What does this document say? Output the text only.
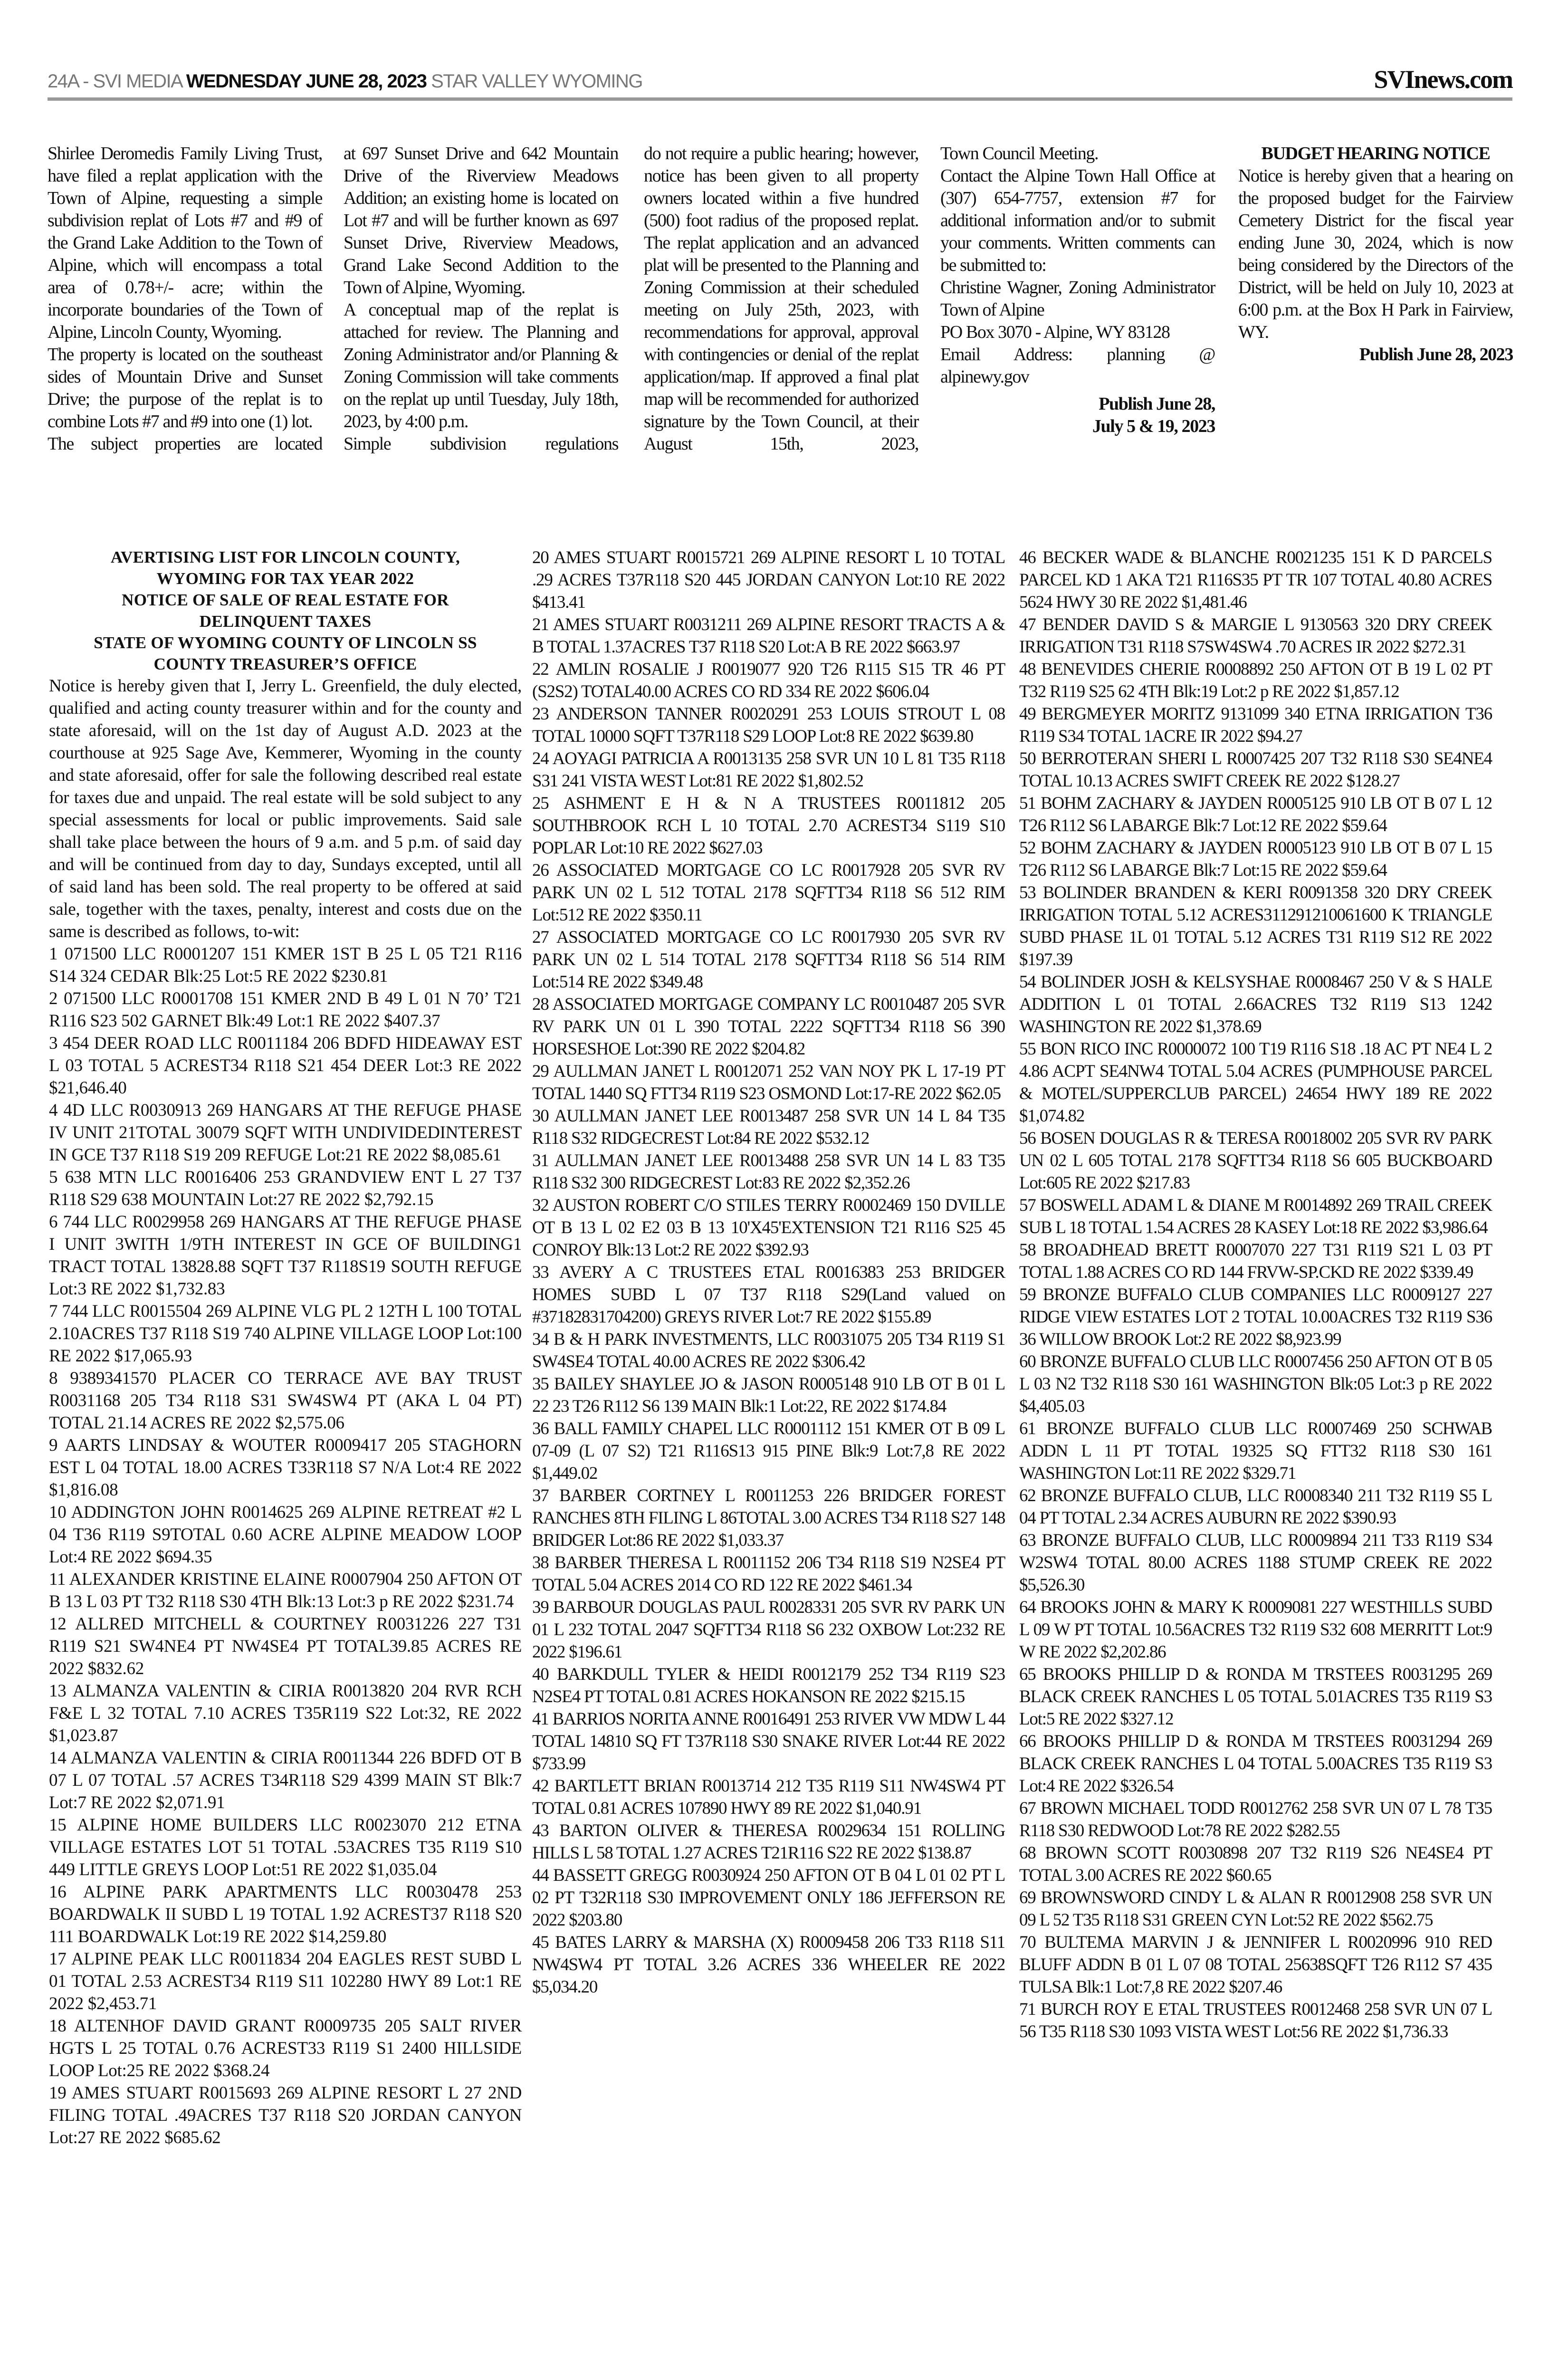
24A - SVI MEDIA WEDNESDAY JUNE 28, 2023 STAR VALLEY WYOMING	SVInews.com

Shirlee Deromedis Family Living Trust, have filed a replat application with the Town of Alpine, requesting a simple subdivision replat of Lots #7 and #9 of the Grand Lake Addition to the Town of Alpine, which will encompass a total area of 0.78+/- acre; within the incorporate boundaries of the Town of Alpine, Lincoln County, Wyoming.

The property is located on the southeast sides of Mountain Drive and Sunset Drive; the purpose of the replat is to combine Lots #7 and #9 into one (1) lot.

The subject properties are located

at 697 Sunset Drive and 642 Mountain Drive of the Riverview Meadows Addition; an existing home is located on Lot #7 and will be further known as 697 Sunset Drive, Riverview Meadows, Grand Lake Second Addition to the Town of Alpine, Wyoming.

A conceptual map of the replat is attached for review. The Planning and Zoning Administrator and/or Planning & Zoning Commission will take comments on the replat up until Tuesday, July 18th, 2023, by 4:00 p.m.

Simple subdivision regulations

do not require a public hearing; however, notice has been given to all property owners located within a five hundred (500) foot radius of the proposed replat. The replat application and an advanced plat will be presented to the Planning and Zoning Commission at their scheduled meeting on July 25th, 2023, with recommendations for approval, approval with contingencies or denial of the replat application/map. If approved a final plat map will be recommended for authorized signature by the Town Council, at their August 15th, 2023,

Town Council Meeting.

Contact the Alpine Town Hall Office at (307) 654-7757, extension #7 for additional information and/or to submit your comments. Written comments can be submitted to:

Christine Wagner, Zoning Administrator

Town of Alpine

PO Box 3070 - Alpine, WY 83128

Email Address: planning @ alpinewy.gov

Publish June 28,
July 5 & 19, 2023

BUDGET HEARING NOTICE

Notice is hereby given that a hearing on the proposed budget for the Fairview Cemetery District for the fiscal year ending June 30, 2024, which is now being considered by the Directors of the District, will be held on July 10, 2023 at 6:00 p.m. at the Box H Park in Fairview, WY.

Publish June 28, 2023

AVERTISING LIST FOR LINCOLN COUNTY,
WYOMING FOR TAX YEAR 2022
NOTICE OF SALE OF REAL ESTATE FOR
DELINQUENT TAXES
STATE OF WYOMING COUNTY OF LINCOLN SS
COUNTY TREASURER’S OFFICE

Notice is hereby given that I, Jerry L. Greenfield, the duly elected, qualified and acting county treasurer within and for the county and state aforesaid, will on the 1st day of August A.D. 2023 at the courthouse at 925 Sage Ave, Kemmerer, Wyoming in the county and state aforesaid, offer for sale the following described real estate for taxes due and unpaid. The real estate will be sold subject to any special assessments for local or public improvements. Said sale shall take place between the hours of 9 a.m. and 5 p.m. of said day and will be continued from day to day, Sundays excepted, until all of said land has been sold. The real property to be offered at said sale, together with the taxes, penalty, interest and costs due on the same is described as follows, to-wit:

1 071500 LLC R0001207 151 KMER 1ST B 25 L 05 T21 R116 S14 324 CEDAR Blk:25 Lot:5 RE 2022 $230.81

2 071500 LLC R0001708 151 KMER 2ND B 49 L 01 N 70’ T21 R116 S23 502 GARNET Blk:49 Lot:1 RE 2022 $407.37

3 454 DEER ROAD LLC R0011184 206 BDFD HIDEAWAY EST L 03 TOTAL 5 ACREST34 R118 S21 454 DEER Lot:3 RE 2022 $21,646.40

4 4D LLC R0030913 269 HANGARS AT THE REFUGE PHASE IV UNIT 21TOTAL 30079 SQFT WITH UNDIVIDEDINTEREST IN GCE T37 R118 S19 209 REFUGE Lot:21 RE 2022 $8,085.61

5 638 MTN LLC R0016406 253 GRANDVIEW ENT L 27 T37 R118 S29 638 MOUNTAIN Lot:27 RE 2022 $2,792.15

6 744 LLC R0029958 269 HANGARS AT THE REFUGE PHASE I UNIT 3WITH 1/9TH INTEREST IN GCE OF BUILDING1 TRACT TOTAL 13828.88 SQFT T37 R118S19 SOUTH REFUGE Lot:3 RE 2022 $1,732.83

7 744 LLC R0015504 269 ALPINE VLG PL 2 12TH L 100 TOTAL 2.10ACRES T37 R118 S19 740 ALPINE VILLAGE LOOP Lot:100 RE 2022 $17,065.93

8 9389341570 PLACER CO TERRACE AVE BAY TRUST R0031168 205 T34 R118 S31 SW4SW4 PT (AKA L 04 PT) TOTAL 21.14 ACRES RE 2022 $2,575.06

9 AARTS LINDSAY & WOUTER R0009417 205 STAGHORN EST L 04 TOTAL 18.00 ACRES T33R118 S7 N/A Lot:4 RE 2022 $1,816.08

10 ADDINGTON JOHN R0014625 269 ALPINE RETREAT #2 L 04 T36 R119 S9TOTAL 0.60 ACRE ALPINE MEADOW LOOP Lot:4 RE 2022 $694.35

11 ALEXANDER KRISTINE ELAINE R0007904 250 AFTON OT B 13 L 03 PT T32 R118 S30 4TH Blk:13 Lot:3 p RE 2022 $231.74

12 ALLRED MITCHELL & COURTNEY R0031226 227 T31 R119 S21 SW4NE4 PT NW4SE4 PT TOTAL39.85 ACRES RE 2022 $832.62

13 ALMANZA VALENTIN & CIRIA R0013820 204 RVR RCH F&E L 32 TOTAL 7.10 ACRES T35R119 S22 Lot:32, RE 2022 $1,023.87

14 ALMANZA VALENTIN & CIRIA R0011344 226 BDFD OT B 07 L 07 TOTAL .57 ACRES T34R118 S29 4399 MAIN ST Blk:7 Lot:7 RE 2022 $2,071.91

15 ALPINE HOME BUILDERS LLC R0023070 212 ETNA VILLAGE ESTATES LOT 51 TOTAL .53ACRES T35 R119 S10 449 LITTLE GREYS LOOP Lot:51 RE 2022 $1,035.04

16 ALPINE PARK APARTMENTS LLC R0030478 253 BOARDWALK II SUBD L 19 TOTAL 1.92 ACREST37 R118 S20 111 BOARDWALK Lot:19 RE 2022 $14,259.80

17 ALPINE PEAK LLC R0011834 204 EAGLES REST SUBD L 01 TOTAL 2.53 ACREST34 R119 S11 102280 HWY 89 Lot:1 RE 2022 $2,453.71

18 ALTENHOF DAVID GRANT R0009735 205 SALT RIVER HGTS L 25 TOTAL 0.76 ACREST33 R119 S1 2400 HILLSIDE LOOP Lot:25 RE 2022 $368.24

19 AMES STUART R0015693 269 ALPINE RESORT L 27 2ND FILING TOTAL .49ACRES T37 R118 S20 JORDAN CANYON Lot:27 RE 2022 $685.62

20 AMES STUART R0015721 269 ALPINE RESORT L 10 TOTAL .29 ACRES T37R118 S20 445 JORDAN CANYON Lot:10 RE 2022 $413.41

21 AMES STUART R0031211 269 ALPINE RESORT TRACTS A & B TOTAL 1.37ACRES T37 R118 S20 Lot:A B RE 2022 $663.97

22 AMLIN ROSALIE J R0019077 920 T26 R115 S15 TR 46 PT (S2S2) TOTAL40.00 ACRES CO RD 334 RE 2022 $606.04

23 ANDERSON TANNER R0020291 253 LOUIS STROUT L 08 TOTAL 10000 SQFT T37R118 S29 LOOP Lot:8 RE 2022 $639.80

24 AOYAGI PATRICIA A R0013135 258 SVR UN 10 L 81 T35 R118 S31 241 VISTA WEST Lot:81 RE 2022 $1,802.52

25 ASHMENT E H & N A TRUSTEES R0011812 205 SOUTHBROOK RCH L 10 TOTAL 2.70 ACREST34 S119 S10 POPLAR Lot:10 RE 2022 $627.03

26 ASSOCIATED MORTGAGE CO LC R0017928 205 SVR RV PARK UN 02 L 512 TOTAL 2178 SQFTT34 R118 S6 512 RIM Lot:512 RE 2022 $350.11

27 ASSOCIATED MORTGAGE CO LC R0017930 205 SVR RV PARK UN 02 L 514 TOTAL 2178 SQFTT34 R118 S6 514 RIM Lot:514 RE 2022 $349.48

28 ASSOCIATED MORTGAGE COMPANY LC R0010487 205 SVR RV PARK UN 01 L 390 TOTAL 2222 SQFTT34 R118 S6 390 HORSESHOE Lot:390 RE 2022 $204.82

29 AULLMAN JANET L R0012071 252 VAN NOY PK L 17-19 PT TOTAL 1440 SQ FTT34 R119 S23 OSMOND Lot:17-RE 2022 $62.05

30 AULLMAN JANET LEE R0013487 258 SVR UN 14 L 84 T35 R118 S32 RIDGECREST Lot:84 RE 2022 $532.12

31 AULLMAN JANET LEE R0013488 258 SVR UN 14 L 83 T35 R118 S32 300 RIDGECREST Lot:83 RE 2022 $2,352.26

32 AUSTON ROBERT C/O STILES TERRY R0002469 150 DVILLE OT B 13 L 02 E2 03 B 13 10'X45'EXTENSION T21 R116 S25 45 CONROY Blk:13 Lot:2 RE 2022 $392.93

33 AVERY A C TRUSTEES ETAL R0016383 253 BRIDGER HOMES SUBD L 07 T37 R118 S29(Land valued on #37182831704200) GREYS RIVER Lot:7 RE 2022 $155.89

34 B & H PARK INVESTMENTS, LLC R0031075 205 T34 R119 S1 SW4SE4 TOTAL 40.00 ACRES RE 2022 $306.42

35 BAILEY SHAYLEE JO & JASON R0005148 910 LB OT B 01 L 22 23 T26 R112 S6 139 MAIN Blk:1 Lot:22, RE 2022 $174.84

36 BALL FAMILY CHAPEL LLC R0001112 151 KMER OT B 09 L 07-09 (L 07 S2) T21 R116S13 915 PINE Blk:9 Lot:7,8 RE 2022 $1,449.02

37 BARBER CORTNEY L R0011253 226 BRIDGER FOREST RANCHES 8TH FILING L 86TOTAL 3.00 ACRES T34 R118 S27 148 BRIDGER Lot:86 RE 2022 $1,033.37

38 BARBER THERESA L R0011152 206 T34 R118 S19 N2SE4 PT TOTAL 5.04 ACRES 2014 CO RD 122 RE 2022 $461.34

39 BARBOUR DOUGLAS PAUL R0028331 205 SVR RV PARK UN 01 L 232 TOTAL 2047 SQFTT34 R118 S6 232 OXBOW Lot:232 RE 2022 $196.61

40 BARKDULL TYLER & HEIDI R0012179 252 T34 R119 S23 N2SE4 PT TOTAL 0.81 ACRES HOKANSON RE 2022 $215.15

41 BARRIOS NORITA ANNE R0016491 253 RIVER VW MDW L 44 TOTAL 14810 SQ FT T37R118 S30 SNAKE RIVER Lot:44 RE 2022 $733.99

42 BARTLETT BRIAN R0013714 212 T35 R119 S11 NW4SW4 PT TOTAL 0.81 ACRES 107890 HWY 89 RE 2022 $1,040.91

43 BARTON OLIVER & THERESA R0029634 151 ROLLING HILLS L 58 TOTAL 1.27 ACRES T21R116 S22 RE 2022 $138.87

44 BASSETT GREGG R0030924 250 AFTON OT B 04 L 01 02 PT L 02 PT T32R118 S30 IMPROVEMENT ONLY 186 JEFFERSON RE 2022 $203.80

45 BATES LARRY & MARSHA (X) R0009458 206 T33 R118 S11 NW4SW4 PT TOTAL 3.26 ACRES 336 WHEELER RE 2022 $5,034.20

46 BECKER WADE & BLANCHE R0021235 151 K D PARCELS PARCEL KD 1 AKA T21 R116S35 PT TR 107 TOTAL 40.80 ACRES 5624 HWY 30 RE 2022 $1,481.46

47 BENDER DAVID S & MARGIE L 9130563 320 DRY CREEK IRRIGATION T31 R118 S7SW4SW4 .70 ACRES IR 2022 $272.31

48 BENEVIDES CHERIE R0008892 250 AFTON OT B 19 L 02 PT T32 R119 S25 62 4TH Blk:19 Lot:2 p RE 2022 $1,857.12

49 BERGMEYER MORITZ 9131099 340 ETNA IRRIGATION T36 R119 S34 TOTAL 1ACRE IR 2022 $94.27

50 BERROTERAN SHERI L R0007425 207 T32 R118 S30 SE4NE4 TOTAL 10.13 ACRES SWIFT CREEK RE 2022 $128.27

51 BOHM ZACHARY & JAYDEN R0005125 910 LB OT B 07 L 12 T26 R112 S6 LABARGE Blk:7 Lot:12 RE 2022 $59.64

52 BOHM ZACHARY & JAYDEN R0005123 910 LB OT B 07 L 15 T26 R112 S6 LABARGE Blk:7 Lot:15 RE 2022 $59.64

53 BOLINDER BRANDEN & KERI R0091358 320 DRY CREEK IRRIGATION TOTAL 5.12 ACRES311291210061600 K TRIANGLE SUBD PHASE 1L 01 TOTAL 5.12 ACRES T31 R119 S12 RE 2022 $197.39

54 BOLINDER JOSH & KELSYSHAE R0008467 250 V & S HALE ADDITION L 01 TOTAL 2.66ACRES T32 R119 S13 1242 WASHINGTON RE 2022 $1,378.69

55 BON RICO INC R0000072 100 T19 R116 S18 .18 AC PT NE4 L 2 4.86 ACPT SE4NW4 TOTAL 5.04 ACRES (PUMPHOUSE PARCEL & MOTEL/SUPPERCLUB PARCEL) 24654 HWY 189 RE 2022 $1,074.82

56 BOSEN DOUGLAS R & TERESA R0018002 205 SVR RV PARK UN 02 L 605 TOTAL 2178 SQFTT34 R118 S6 605 BUCKBOARD Lot:605 RE 2022 $217.83

57 BOSWELL ADAM L & DIANE M R0014892 269 TRAIL CREEK SUB L 18 TOTAL 1.54 ACRES 28 KASEY Lot:18 RE 2022 $3,986.64

58 BROADHEAD BRETT R0007070 227 T31 R119 S21 L 03 PT TOTAL 1.88 ACRES CO RD 144 FRVW-SP.CKD RE 2022 $339.49

59 BRONZE BUFFALO CLUB COMPANIES LLC R0009127 227 RIDGE VIEW ESTATES LOT 2 TOTAL 10.00ACRES T32 R119 S36 36 WILLOW BROOK Lot:2 RE 2022 $8,923.99

60 BRONZE BUFFALO CLUB LLC R0007456 250 AFTON OT B 05 L 03 N2 T32 R118 S30 161 WASHINGTON Blk:05 Lot:3 p RE 2022 $4,405.03

61 BRONZE BUFFALO CLUB LLC R0007469 250 SCHWAB ADDN L 11 PT TOTAL 19325 SQ FTT32 R118 S30 161 WASHINGTON Lot:11 RE 2022 $329.71

62 BRONZE BUFFALO CLUB, LLC R0008340 211 T32 R119 S5 L 04 PT TOTAL 2.34 ACRES AUBURN RE 2022 $390.93

63 BRONZE BUFFALO CLUB, LLC R0009894 211 T33 R119 S34 W2SW4 TOTAL 80.00 ACRES 1188 STUMP CREEK RE 2022 $5,526.30

64 BROOKS JOHN & MARY K R0009081 227 WESTHILLS SUBD L 09 W PT TOTAL 10.56ACRES T32 R119 S32 608 MERRITT Lot:9 W RE 2022 $2,202.86

65 BROOKS PHILLIP D & RONDA M TRSTEES R0031295 269 BLACK CREEK RANCHES L 05 TOTAL 5.01ACRES T35 R119 S3 Lot:5 RE 2022 $327.12

66 BROOKS PHILLIP D & RONDA M TRSTEES R0031294 269 BLACK CREEK RANCHES L 04 TOTAL 5.00ACRES T35 R119 S3 Lot:4 RE 2022 $326.54

67 BROWN MICHAEL TODD R0012762 258 SVR UN 07 L 78 T35 R118 S30 REDWOOD Lot:78 RE 2022 $282.55

68 BROWN SCOTT R0030898 207 T32 R119 S26 NE4SE4 PT TOTAL 3.00 ACRES RE 2022 $60.65

69 BROWNSWORD CINDY L & ALAN R R0012908 258 SVR UN 09 L 52 T35 R118 S31 GREEN CYN Lot:52 RE 2022 $562.75

70 BULTEMA MARVIN J & JENNIFER L R0020996 910 RED BLUFF ADDN B 01 L 07 08 TOTAL 25638SQFT T26 R112 S7 435 TULSA Blk:1 Lot:7,8 RE 2022 $207.46

71 BURCH ROY E ETAL TRUSTEES R0012468 258 SVR UN 07 L 56 T35 R118 S30 1093 VISTA WEST Lot:56 RE 2022 $1,736.33
